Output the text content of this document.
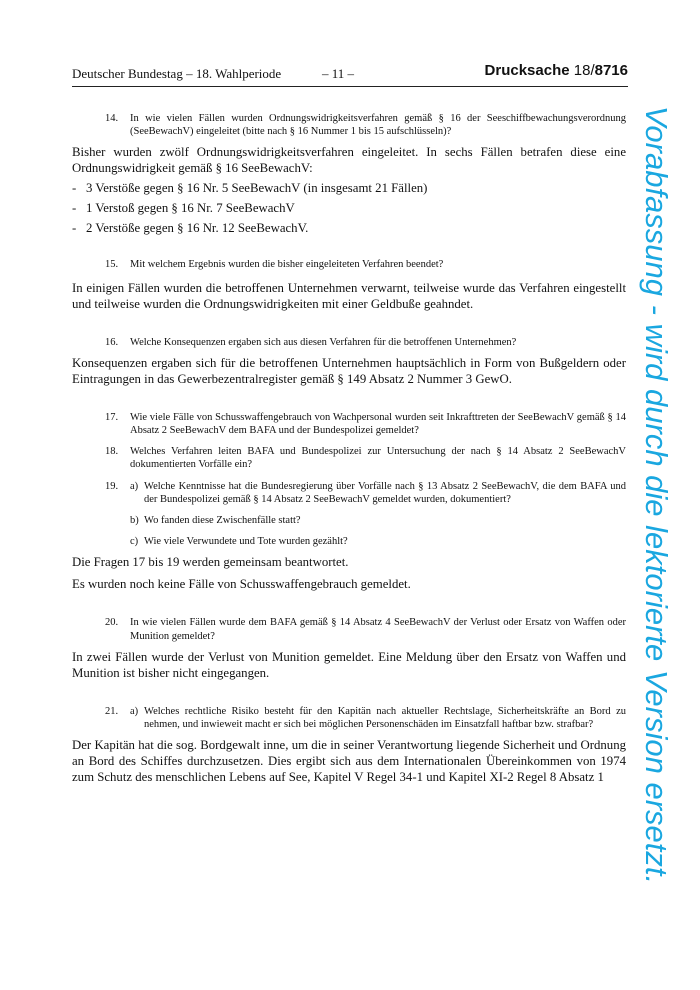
Deutscher Bundestag – 18. Wahlperiode	– 11 –	Drucksache 18/8716
Vorabfassung - wird durch die lektorierte Version ersetzt.
14.	In wie vielen Fällen wurden Ordnungswidrigkeitsverfahren gemäß § 16 der Seeschiffbewachungsverordnung (SeeBewachV) eingeleitet (bitte nach § 16 Nummer 1 bis 15 aufschlüsseln)?
Bisher wurden zwölf Ordnungswidrigkeitsverfahren eingeleitet. In sechs Fällen betrafen diese eine Ordnungswidrigkeit gemäß § 16 SeeBewachV:
- 3 Verstöße gegen § 16 Nr. 5 SeeBewachV (in insgesamt 21 Fällen)
- 1 Verstoß gegen § 16 Nr. 7 SeeBewachV
- 2 Verstöße gegen § 16 Nr. 12 SeeBewachV.
15.	Mit welchem Ergebnis wurden die bisher eingeleiteten Verfahren beendet?
In einigen Fällen wurden die betroffenen Unternehmen verwarnt, teilweise wurde das Verfahren eingestellt und teilweise wurden die Ordnungswidrigkeiten mit einer Geldbuße geahndet.
16.	Welche Konsequenzen ergaben sich aus diesen Verfahren für die betroffenen Unternehmen?
Konsequenzen ergaben sich für die betroffenen Unternehmen hauptsächlich in Form von Bußgeldern oder Eintragungen in das Gewerbezentralregister gemäß § 149 Absatz 2 Nummer 3 GewO.
17.	Wie viele Fälle von Schusswaffengebrauch von Wachpersonal wurden seit Inkrafttreten der SeeBewachV gemäß § 14 Absatz 2 SeeBewachV dem BAFA und der Bundespolizei gemeldet?
18.	Welches Verfahren leiten BAFA und Bundespolizei zur Untersuchung der nach § 14 Absatz 2 SeeBewachV dokumentierten Vorfälle ein?
19.	a) Welche Kenntnisse hat die Bundesregierung über Vorfälle nach § 13 Absatz 2 SeeBewachV, die dem BAFA und der Bundespolizei gemäß § 14 Absatz 2 SeeBewachV gemeldet wurden, dokumentiert?
b) Wo fanden diese Zwischenfälle statt?
c) Wie viele Verwundete und Tote wurden gezählt?
Die Fragen 17 bis 19 werden gemeinsam beantwortet.
Es wurden noch keine Fälle von Schusswaffengebrauch gemeldet.
20.	In wie vielen Fällen wurde dem BAFA gemäß § 14 Absatz 4 SeeBewachV der Verlust oder Ersatz von Waffen oder Munition gemeldet?
In zwei Fällen wurde der Verlust von Munition gemeldet. Eine Meldung über den Ersatz von Waffen und Munition ist bisher nicht eingegangen.
21.	a) Welches rechtliche Risiko besteht für den Kapitän nach aktueller Rechtslage, Sicherheitskräfte an Bord zu nehmen, und inwieweit macht er sich bei möglichen Personenschäden im Einsatzfall haftbar bzw. strafbar?
Der Kapitän hat die sog. Bordgewalt inne, um die in seiner Verantwortung liegende Sicherheit und Ordnung an Bord des Schiffes durchzusetzen. Dies ergibt sich aus dem Internationalen Übereinkommen von 1974 zum Schutz des menschlichen Lebens auf See, Kapitel V Regel 34-1 und Kapitel XI-2 Regel 8 Absatz 1
